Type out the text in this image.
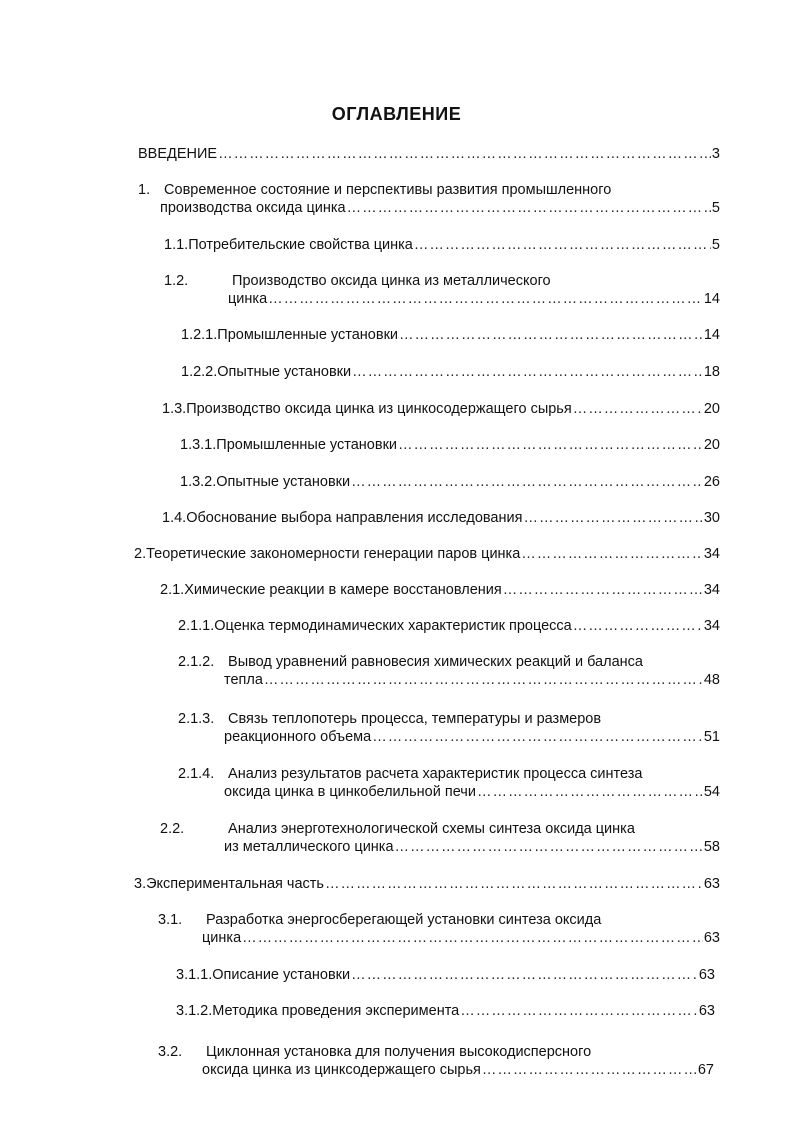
ОГЛАВЛЕНИЕ
ВВЕДЕНИЕ …………………………………………………………………………………………………………………………………………………	3
1. Современное состояние и перспективы развития промышленного
производства оксида цинка …………………………………………………………………………………………………………………………………………………	5
1.1. Потребительские свойства цинка …………………………………………………………………………………………………………………………………………………	5
1.2.	Производство оксида цинка из металлического
цинка …………………………………………………………………………………………………………………………………………………	14
1.2.1. Промышленные установки …………………………………………………………………………………………………………………………………………………	14
1.2.2. Опытные установки …………………………………………………………………………………………………………………………………………………	18
1.3. Производство оксида цинка из цинкосодержащего сырья …………………………………………………………………………………………………………………………………………………	20
1.3.1. Промышленные установки …………………………………………………………………………………………………………………………………………………	20
1.3.2. Опытные установки …………………………………………………………………………………………………………………………………………………	26
1.4. Обоснование выбора направления исследования …………………………………………………………………………………………………………………………………………………	30
2. Теоретические закономерности генерации паров цинка …………………………………………………………………………………………………………………………………………………	34
2.1. Химические реакции в камере восстановления …………………………………………………………………………………………………………………………………………………	34
2.1.1. Оценка термодинамических характеристик процесса …………………………………………………………………………………………………………………………………………………	34
2.1.2. Вывод уравнений равновесия химических реакций и баланса
тепла …………………………………………………………………………………………………………………………………………………	48
2.1.3. Связь теплопотерь процесса, температуры и размеров
реакционного объема …………………………………………………………………………………………………………………………………………………	51
2.1.4. Анализ результатов расчета характеристик процесса синтеза
оксида цинка в цинкобелильной печи …………………………………………………………………………………………………………………………………………………	54
2.2.	Анализ энерготехнологической схемы синтеза оксида цинка
из металлического цинка …………………………………………………………………………………………………………………………………………………	58
3. Экспериментальная часть …………………………………………………………………………………………………………………………………………………	63
3.1. Разработка энергосберегающей установки синтеза оксида
цинка …………………………………………………………………………………………………………………………………………………	63
3.1.1. Описание установки …………………………………………………………………………………………………………………………………………………	63
3.1.2. Методика проведения эксперимента …………………………………………………………………………………………………………………………………………………	63
3.2. Циклонная установка для получения высокодисперсного
оксида цинка из цинксодержащего сырья …………………………………………………………………………………………………………………………………………………	67
